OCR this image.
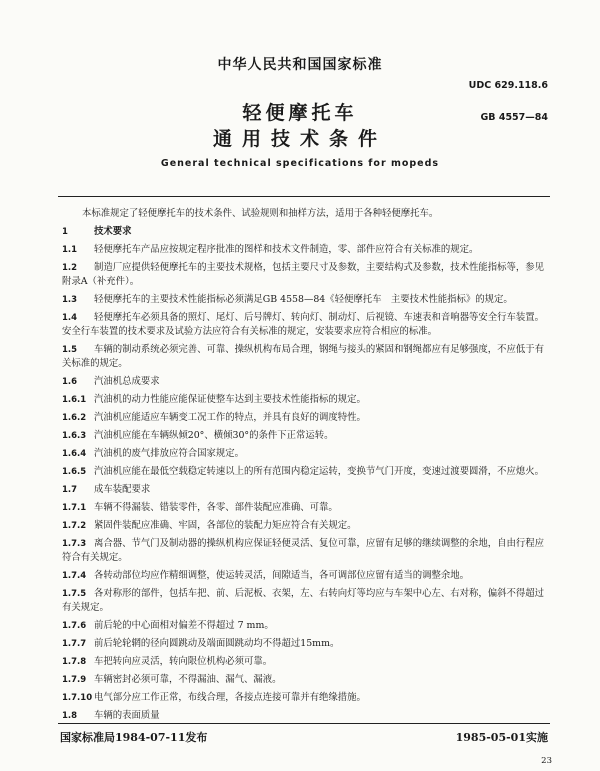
中华人民共和国国家标准
UDC 629.118.6
轻便摩托车	GB 4557—84
通用技术条件
General technical specifications for mopeds

本标准规定了轻便摩托车的技术条件、试验规则和抽样方法，适用于各种轻便摩托车。

1	技术要求

1.1 轻便摩托车产品应按规定程序批准的图样和技术文件制造，零、部件应符合有关标准的规定。

1.2 制造厂应提供轻便摩托车的主要技术规格，包括主要尺寸及参数，主要结构式及参数，技术性能指标等，参见附录A（补充件）。

1.3 轻便摩托车的主要技术性能指标必须满足GB 4558—84《轻便摩托车　主要技术性能指标》的规定。

1.4 轻便摩托车必须具备的照灯、尾灯、后号牌灯、转向灯、制动灯、后视镜、车速表和音响器等安全行车装置。安全行车装置的技术要求及试验方法应符合有关标准的规定，安装要求应符合相应的标准。

1.5 车辆的制动系统必须完善、可靠、操纵机构布局合理，钢绳与接头的紧固和钢绳都应有足够强度，不应低于有关标准的规定。

1.6 汽油机总成要求

1.6.1 汽油机的动力性能应能保证使整车达到主要技术性能指标的规定。

1.6.2 汽油机应能适应车辆变工况工作的特点，并具有良好的调度特性。

1.6.3 汽油机应能在车辆纵倾20°、横倾30°的条件下正常运转。

1.6.4 汽油机的废气排放应符合国家规定。

1.6.5 汽油机应能在最低空载稳定转速以上的所有范围内稳定运转，变换节气门开度，变速过渡要圆滑，不应熄火。

1.7 成车装配要求

1.7.1 车辆不得漏装、错装零件，各零、部件装配应准确、可靠。

1.7.2 紧固件装配应准确、牢固，各部位的装配力矩应符合有关规定。

1.7.3 离合器、节气门及制动器的操纵机构应保证轻便灵活、复位可靠，应留有足够的继续调整的余地，自由行程应符合有关规定。

1.7.4 各转动部位均应作精细调整，使运转灵活，间隙适当，各可调部位应留有适当的调整余地。

1.7.5 各对称形的部件，包括车把、前、后泥板、衣架，左、右转向灯等均应与车架中心左、右对称，偏斜不得超过有关规定。

1.7.6 前后轮的中心面相对偏差不得超过 7 mm。

1.7.7 前后轮轮辋的径向圆跳动及端面圆跳动均不得超过15mm。

1.7.8 车把转向应灵活，转向限位机构必须可靠。

1.7.9 车辆密封必须可靠，不得漏油、漏气、漏液。

1.7.10 电气部分应工作正常，布线合理，各接点连接可靠并有绝缘措施。

1.8 车辆的表面质量

国家标准局1984-07-11发布	1985-05-01实施
23
